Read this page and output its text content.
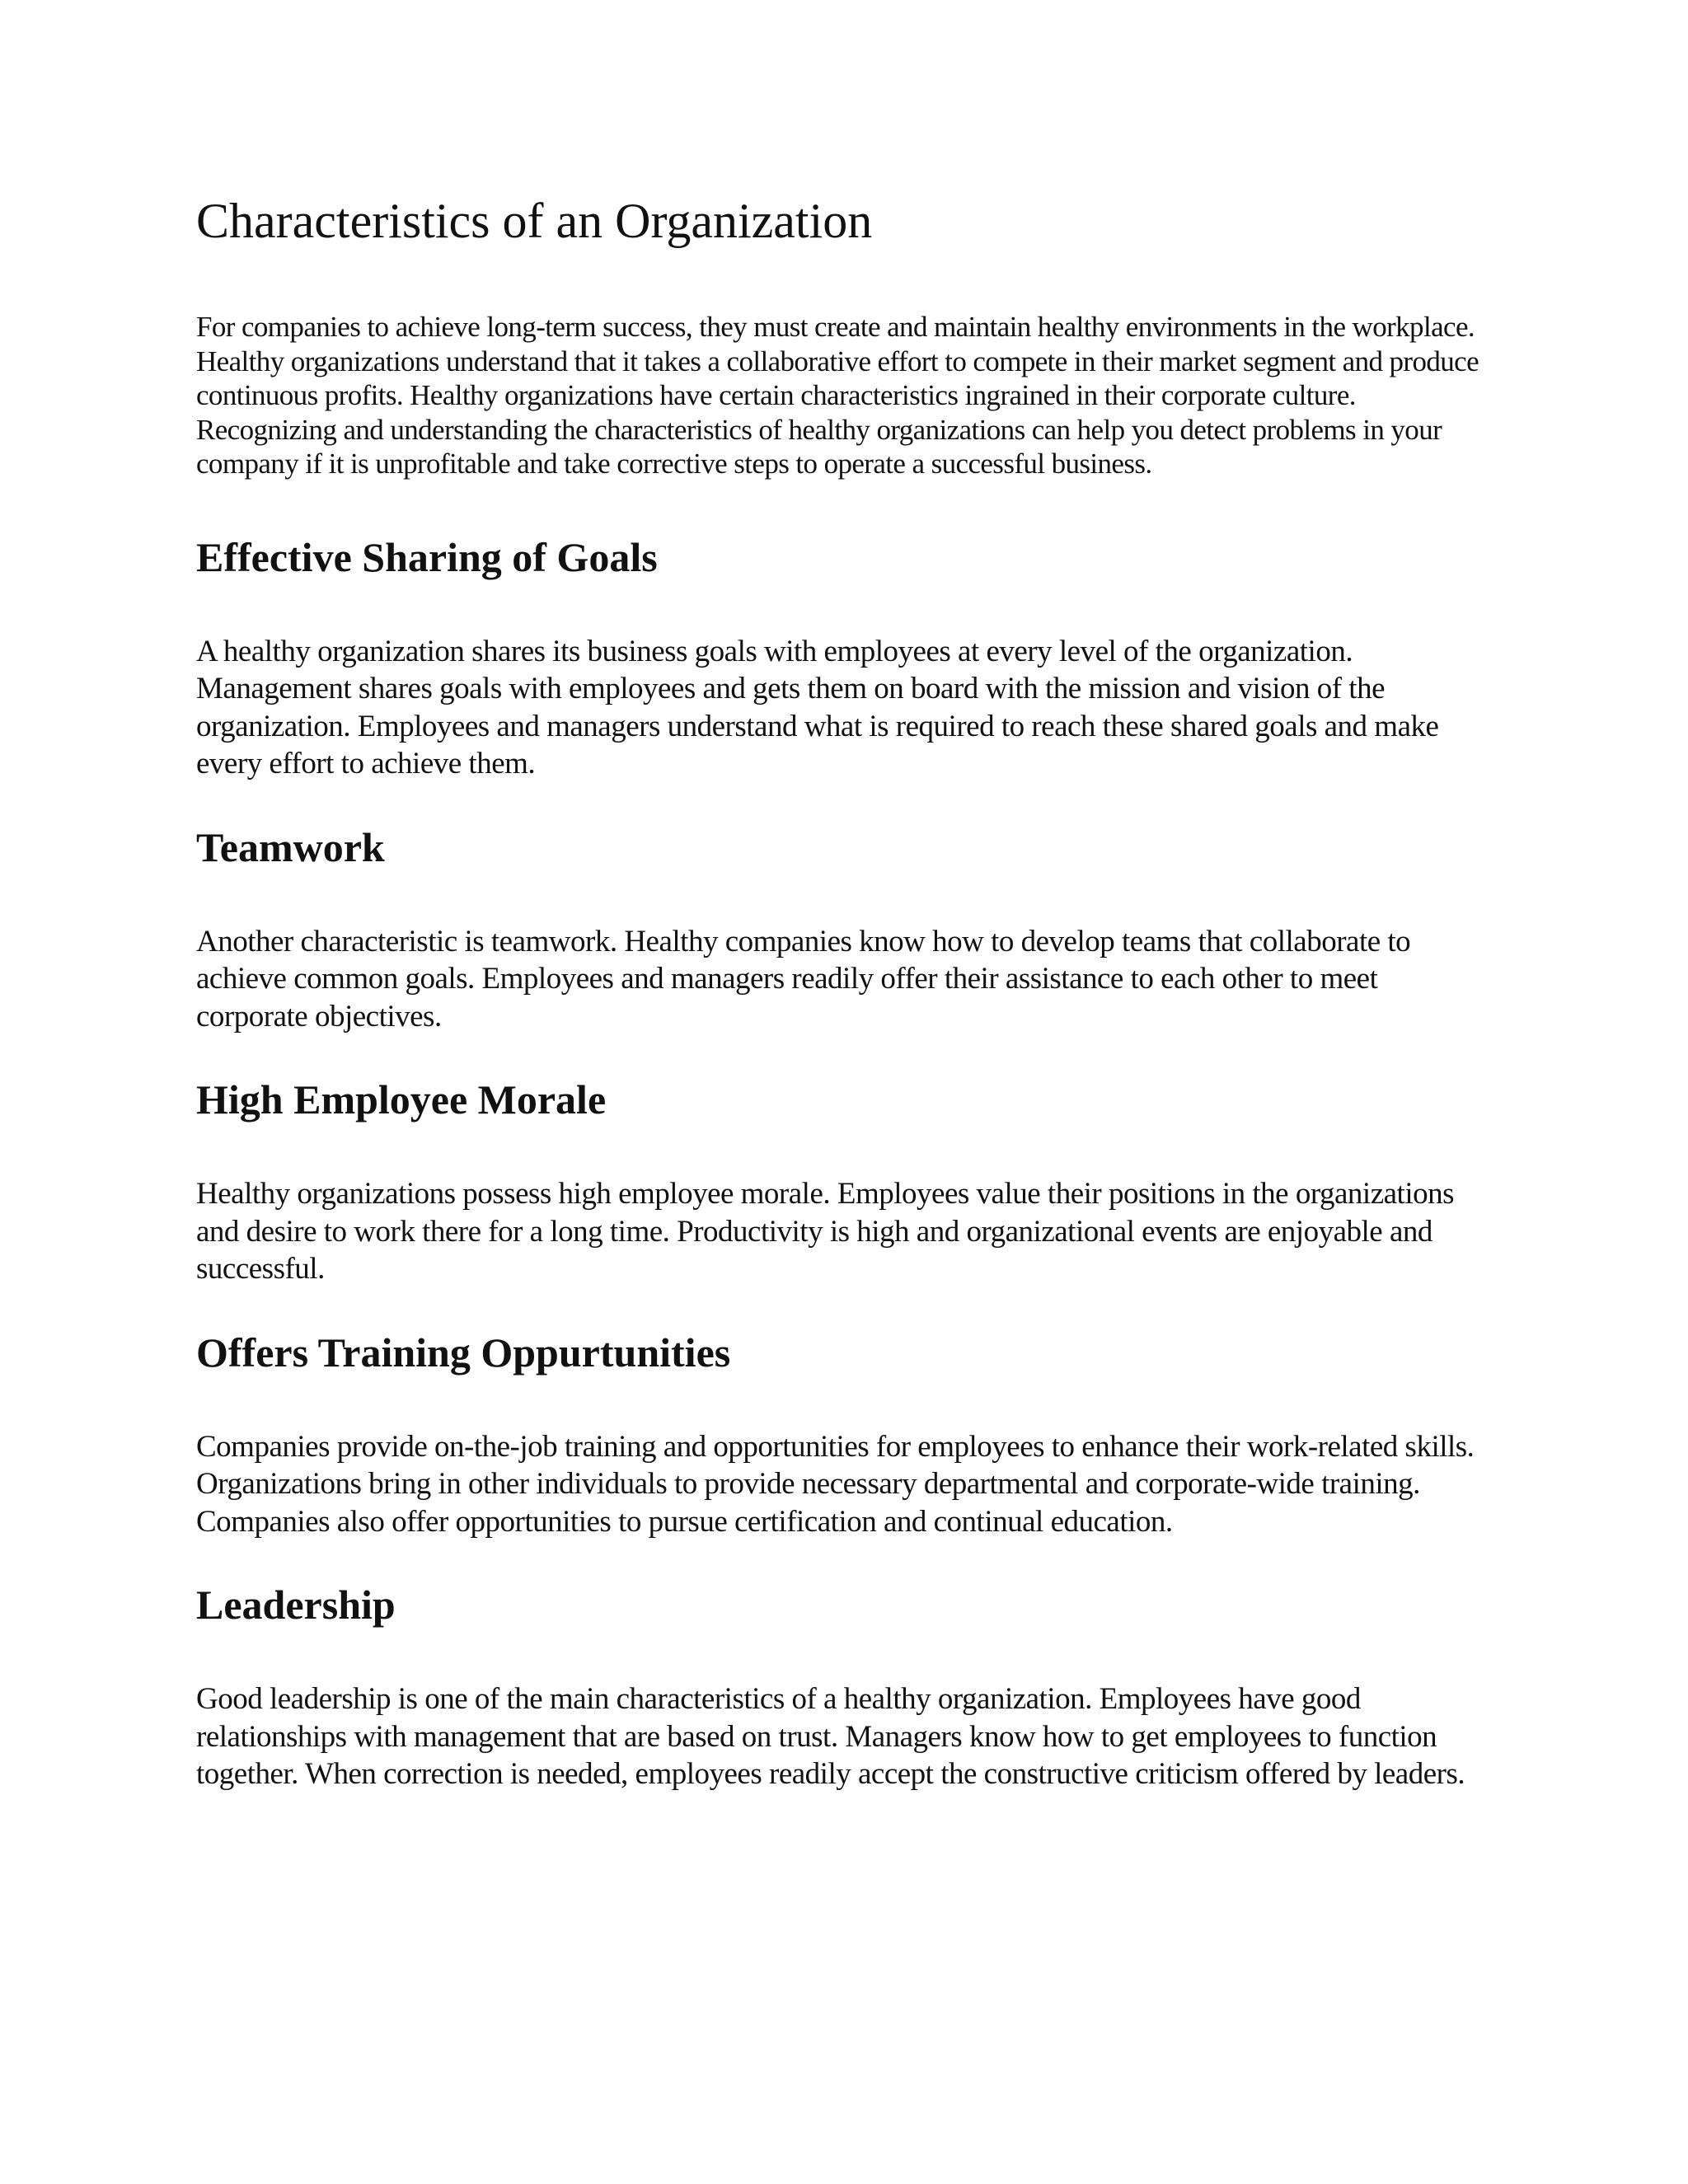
Characteristics of an Organization

For companies to achieve long-term success, they must create and maintain healthy environments in the workplace. Healthy organizations understand that it takes a collaborative effort to compete in their market segment and produce continuous profits. Healthy organizations have certain characteristics ingrained in their corporate culture. Recognizing and understanding the characteristics of healthy organizations can help you detect problems in your company if it is unprofitable and take corrective steps to operate a successful business.

Effective Sharing of Goals

A healthy organization shares its business goals with employees at every level of the organization. Management shares goals with employees and gets them on board with the mission and vision of the organization. Employees and managers understand what is required to reach these shared goals and make every effort to achieve them.

Teamwork

Another characteristic is teamwork. Healthy companies know how to develop teams that collaborate to achieve common goals. Employees and managers readily offer their assistance to each other to meet corporate objectives.

High Employee Morale

Healthy organizations possess high employee morale. Employees value their positions in the organizations and desire to work there for a long time. Productivity is high and organizational events are enjoyable and successful.

Offers Training Oppurtunities

Companies provide on-the-job training and opportunities for employees to enhance their work-related skills. Organizations bring in other individuals to provide necessary departmental and corporate-wide training. Companies also offer opportunities to pursue certification and continual education.

Leadership

Good leadership is one of the main characteristics of a healthy organization. Employees have good relationships with management that are based on trust. Managers know how to get employees to function together. When correction is needed, employees readily accept the constructive criticism offered by leaders.
